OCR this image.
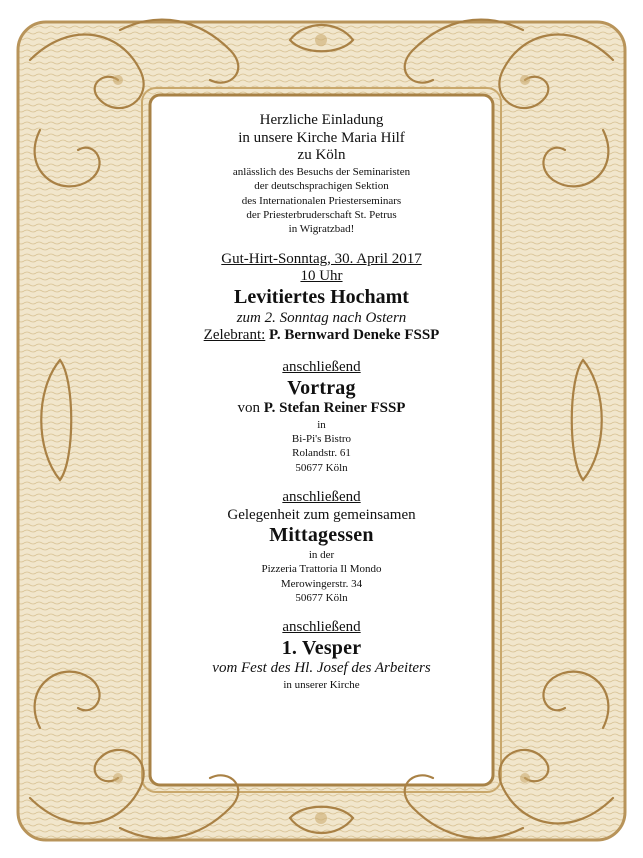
Herzliche Einladung
in unsere Kirche Maria Hilf
zu Köln
anlässlich des Besuchs der Seminaristen
der deutschsprachigen Sektion
des Internationalen Priesterseminars
der Priesterbruderschaft St. Petrus
in Wigratzbad!
Gut-Hirt-Sonntag, 30. April 2017
10 Uhr
Levitiertes Hochamt
zum 2. Sonntag nach Ostern
Zelebrant: P. Bernward Deneke FSSP
anschließend
Vortrag
von P. Stefan Reiner FSSP
in
Bi-Pi's Bistro
Rolandstr. 61
50677 Köln
anschließend
Gelegenheit zum gemeinsamen
Mittagessen
in der
Pizzeria Trattoria Il Mondo
Merowingerstr. 34
50677 Köln
anschließend
1. Vesper
vom Fest des Hl. Josef des Arbeiters
in unserer Kirche
